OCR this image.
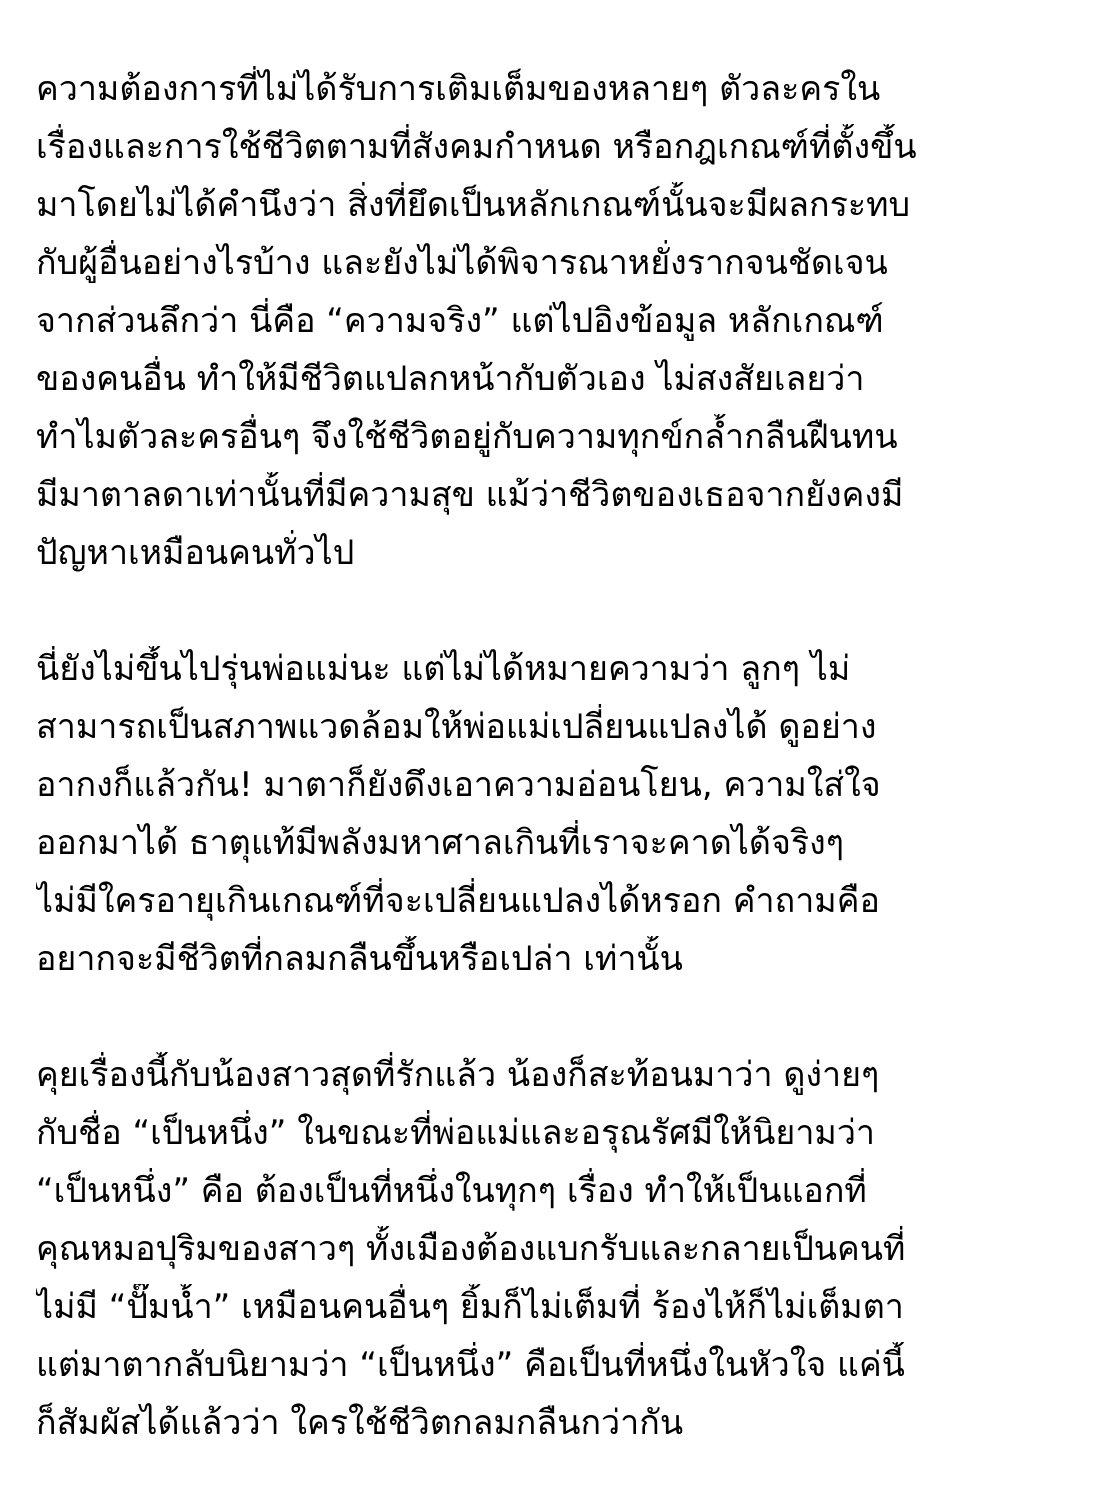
ความต้องการที่ไม่ได้รับการเติมเต็มของหลายๆ ตัวละครใน
เรื่องและการใช้ชีวิตตามที่สังคมกำหนด หรือกฎเกณฑ์ที่ตั้งขึ้น
มาโดยไม่ได้คำนึงว่า สิ่งที่ยึดเป็นหลักเกณฑ์นั้นจะมีผลกระทบ
กับผู้อื่นอย่างไรบ้าง และยังไม่ได้พิจารณาหยั่งรากจนชัดเจน
จากส่วนลึกว่า นี่คือ “ความจริง” แต่ไปอิงข้อมูล หลักเกณฑ์
ของคนอื่น ทำให้มีชีวิตแปลกหน้ากับตัวเอง ไม่สงสัยเลยว่า
ทำไมตัวละครอื่นๆ จึงใช้ชีวิตอยู่กับความทุกข์กล้ำกลืนฝืนทน
มีมาตาลดาเท่านั้นที่มีความสุข แม้ว่าชีวิตของเธอจากยังคงมี
ปัญหาเหมือนคนทั่วไป
นี่ยังไม่ขึ้นไปรุ่นพ่อแม่นะ แต่ไม่ได้หมายความว่า ลูกๆ ไม่
สามารถเป็นสภาพแวดล้อมให้พ่อแม่เปลี่ยนแปลงได้ ดูอย่าง
อากงก็แล้วกัน! มาตาก็ยังดึงเอาความอ่อนโยน, ความใส่ใจ
ออกมาได้ ธาตุแท้มีพลังมหาศาลเกินที่เราจะคาดได้จริงๆ
ไม่มีใครอายุเกินเกณฑ์ที่จะเปลี่ยนแปลงได้หรอก คำถามคือ
อยากจะมีชีวิตที่กลมกลืนขึ้นหรือเปล่า เท่านั้น
คุยเรื่องนี้กับน้องสาวสุดที่รักแล้ว น้องก็สะท้อนมาว่า ดูง่ายๆ
กับชื่อ “เป็นหนึ่ง” ในขณะที่พ่อแม่และอรุณรัศมีให้นิยามว่า
“เป็นหนึ่ง” คือ ต้องเป็นที่หนึ่งในทุกๆ เรื่อง ทำให้เป็นแอกที่
คุณหมอปุริมของสาวๆ ทั้งเมืองต้องแบกรับและกลายเป็นคนที่
ไม่มี “ปั๊มน้ำ” เหมือนคนอื่นๆ ยิ้มก็ไม่เต็มที่ ร้องไห้ก็ไม่เต็มตา
แต่มาตากลับนิยามว่า “เป็นหนึ่ง” คือเป็นที่หนึ่งในหัวใจ แค่นี้
ก็สัมผัสได้แล้วว่า ใครใช้ชีวิตกลมกลืนกว่ากัน
